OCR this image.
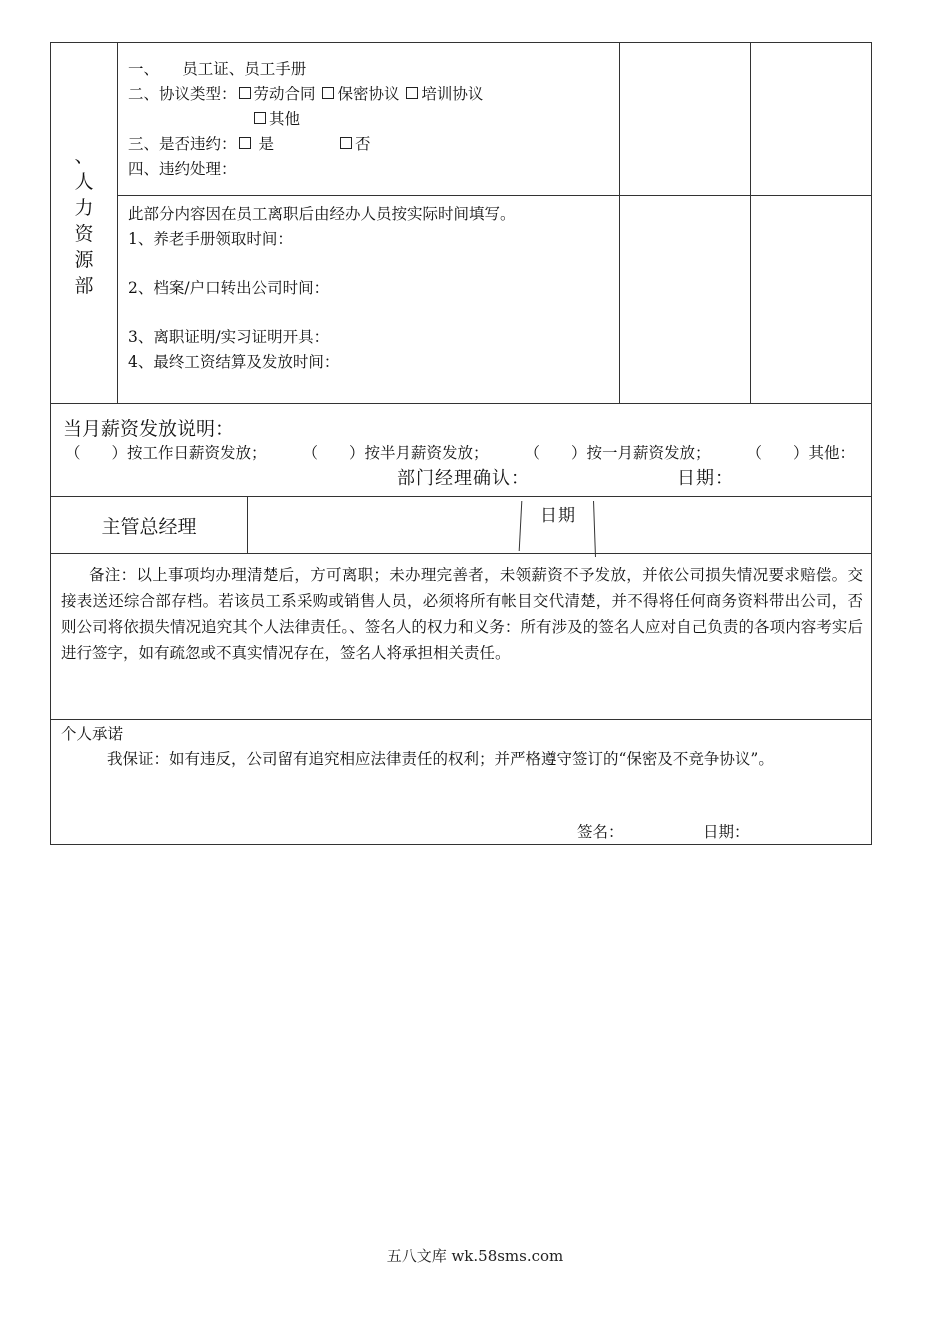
、
人
力
资
源
部
一、　　员工证、员工手册
二、协议类型： 劳动合同 保密协议 培训协议
其他
三、是否违约： 是	否
四、违约处理：
此部分内容因在员工离职后由经办人员按实际时间填写。
1、养老手册领取时间：
2、档案/户口转出公司时间：
3、离职证明/实习证明开具：
4、最终工资结算及发放时间：
当月薪资发放说明：
（　　）按工作日薪资发放； （　　）按半月薪资发放； （　　）按一月薪资发放； （　　）其他：
部门经理确认：	日期：
主管总经理	日期

备注：以上事项均办理清楚后，方可离职；未办理完善者，未领薪资不予发放，并依公司损失情况要求赔偿。交接表送还综合部存档。若该员工系采购或销售人员，必须将所有帐目交代清楚，并不得将任何商务资料带出公司，否则公司将依损失情况追究其个人法律责任。、签名人的权力和义务：所有涉及的签名人应对自己负责的各项内容考实后进行签字，如有疏忽或不真实情况存在，签名人将承担相关责任。

个人承诺

我保证：如有违反，公司留有追究相应法律责任的权利；并严格遵守签订的“保密及不竞争协议”。

签名：	日期：
五八文库 wk.58sms.com
